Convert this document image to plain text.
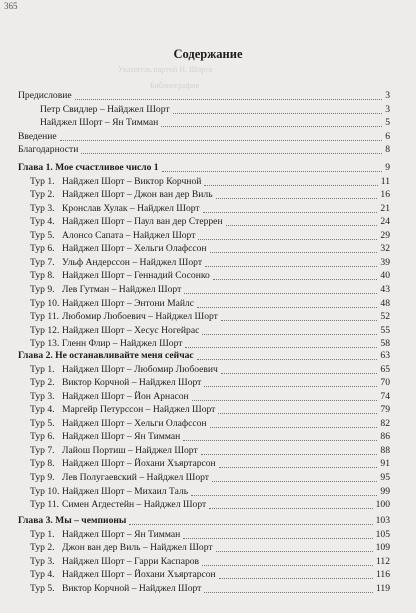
365
Указатель партий Н. Шорта
Библиография
Содержание
Предисловие	3
Петр Свидлер – Найджел Шорт	3
Найджел Шорт – Ян Тимман	5
Введение	6
Благодарности	8
Глава 1. Мое счастливое число 1	9
Тур 1. Найджел Шорт – Виктор Корчной	11
Тур 2. Найджел Шорт – Джон ван дер Виль	16
Тур 3. Кронслав Хулак – Найджел Шорт	21
Тур 4. Найджел Шорт – Паул ван дер Стеррен	24
Тур 5. Алонсо Сапата – Найджел Шорт	29
Тур 6. Найджел Шорт – Хельги Олафссон	32
Тур 7. Ульф Андерссон – Найджел Шорт	39
Тур 8. Найджел Шорт – Геннадий Сосонко	40
Тур 9. Лев Гутман – Найджел Шорт	43
Тур 10. Найджел Шорт – Энтони Майлс	48
Тур 11. Любомир Любоевич – Найджел Шорт	52
Тур 12. Найджел Шорт – Хесус Ногейрас	55
Тур 13. Гленн Флир – Найджел Шорт	58
Глава 2. Не останавливайте меня сейчас	63
Тур 1. Найджел Шорт – Любомир Любоевич	65
Тур 2. Виктор Корчной – Найджел Шорт	70
Тур 3. Найджел Шорт – Йон Арнасон	74
Тур 4. Маргейр Петурссон – Найджел Шорт	79
Тур 5. Найджел Шорт – Хельги Олафссон	82
Тур 6. Найджел Шорт – Ян Тимман	86
Тур 7. Лайош Портиш – Найджел Шорт	88
Тур 8. Найджел Шорт – Йохани Хъяртарсон	91
Тур 9. Лев Полугаевский – Найджел Шорт	95
Тур 10. Найджел Шорт – Михаил Таль	99
Тур 11. Симен Агдестейн – Найджел Шорт	100
Глава 3. Мы – чемпионы	103
Тур 1. Найджел Шорт – Ян Тимман	105
Тур 2. Джон ван дер Виль – Найджел Шорт	109
Тур 3. Найджел Шорт – Гарри Каспаров	112
Тур 4. Найджел Шорт – Йохани Хъяртарсон	116
Тур 5. Виктор Корчной – Найджел Шорт	119
